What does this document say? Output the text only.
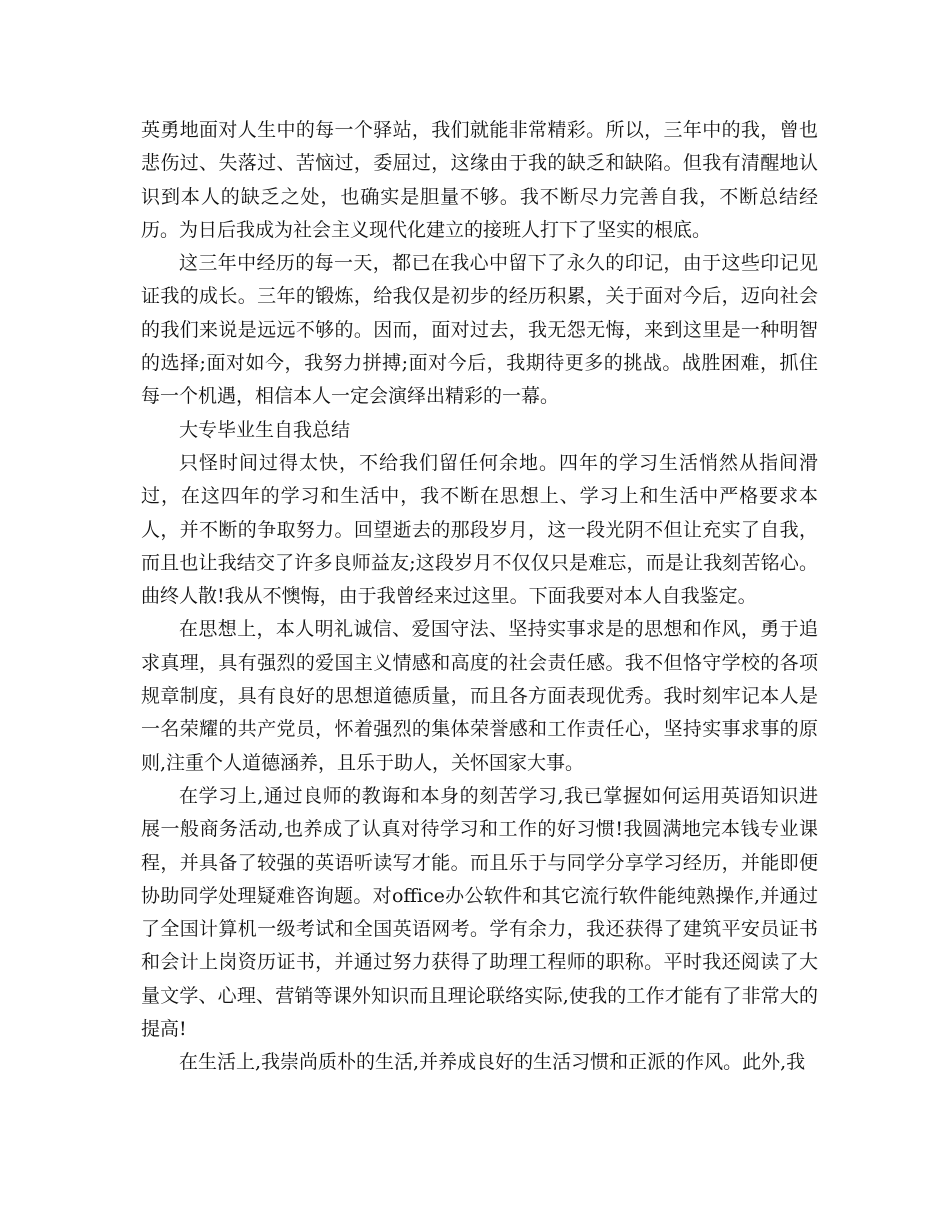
英勇地面对人生中的每一个驿站，我们就能非常精彩。所以，三年中的我，曾也悲伤过、失落过、苦恼过，委屈过，这缘由于我的缺乏和缺陷。但我有清醒地认识到本人的缺乏之处，也确实是胆量不够。我不断尽力完善自我，不断总结经历。为日后我成为社会主义现代化建立的接班人打下了坚实的根底。

这三年中经历的每一天，都已在我心中留下了永久的印记，由于这些印记见证我的成长。三年的锻炼，给我仅是初步的经历积累，关于面对今后，迈向社会的我们来说是远远不够的。因而，面对过去，我无怨无悔，来到这里是一种明智的选择;面对如今，我努力拼搏;面对今后，我期待更多的挑战。战胜困难，抓住每一个机遇，相信本人一定会演绎出精彩的一幕。

大专毕业生自我总结

只怪时间过得太快，不给我们留任何余地。四年的学习生活悄然从指间滑过，在这四年的学习和生活中，我不断在思想上、学习上和生活中严格要求本人，并不断的争取努力。回望逝去的那段岁月，这一段光阴不但让充实了自我，而且也让我结交了许多良师益友;这段岁月不仅仅只是难忘，而是让我刻苦铭心。曲终人散!我从不懊悔，由于我曾经来过这里。下面我要对本人自我鉴定。

在思想上，本人明礼诚信、爱国守法、坚持实事求是的思想和作风，勇于追求真理，具有强烈的爱国主义情感和高度的社会责任感。我不但恪守学校的各项规章制度，具有良好的思想道德质量，而且各方面表现优秀。我时刻牢记本人是一名荣耀的共产党员，怀着强烈的集体荣誉感和工作责任心，坚持实事求事的原则,注重个人道德涵养，且乐于助人，关怀国家大事。

在学习上,通过良师的教诲和本身的刻苦学习,我已掌握如何运用英语知识进展一般商务活动,也养成了认真对待学习和工作的好习惯!我圆满地完本钱专业课程，并具备了较强的英语听读写才能。而且乐于与同学分享学习经历，并能即便协助同学处理疑难咨询题。对office办公软件和其它流行软件能纯熟操作,并通过了全国计算机一级考试和全国英语网考。学有余力，我还获得了建筑平安员证书和会计上岗资历证书，并通过努力获得了助理工程师的职称。平时我还阅读了大量文学、心理、营销等课外知识而且理论联络实际,使我的工作才能有了非常大的提高!

在生活上,我崇尚质朴的生活,并养成良好的生活习惯和正派的作风。此外,我
